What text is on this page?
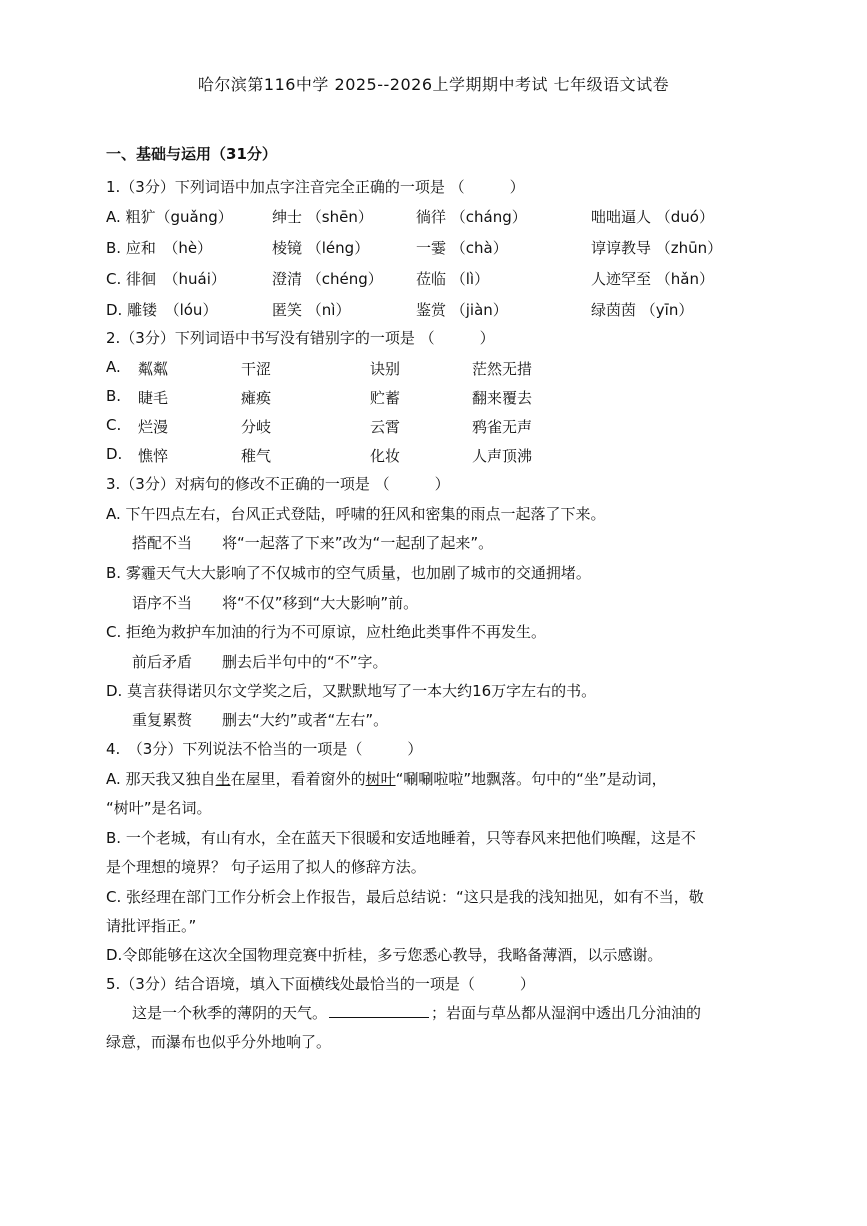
哈尔滨第116中学 2025--2026上学期期中考试 七年级语文试卷
一、基础与运用（31分）
1.（3分）下列词语中加点字注音完全正确的一项是 （　　　）
A. 粗犷（guǎng）	绅士 （shēn）	徜徉 （cháng）	咄咄逼人 （duó）
B. 应和　（hè）	棱镜 （léng）	一霎 （chà）	谆谆教导 （zhūn）
C. 徘徊　（huái）	澄清 （chéng） 莅临 （lì）	人迹罕至 （hǎn）
D. 雕镂　（lóu）	匿笑 （nì）	鉴赏 （jiàn）	绿茵茵 （yīn）
2.（3分）下列词语中书写没有错别字的一项是 （　　　）
A. 粼粼	干涩	诀别	茫然无措
B. 睫毛	瘫痪	贮蓄	翻来覆去
C. 烂漫	分岐	云霄	鸦雀无声
D. 憔悴	稚气	化妆	人声顶沸
3.（3分）对病句的修改不正确的一项是 （　　　）
A. 下午四点左右，台风正式登陆，呼啸的狂风和密集的雨点一起落了下来。
搭配不当　　将“一起落了下来”改为“一起刮了起来”。
B. 雾霾天气大大影响了不仅城市的空气质量，也加剧了城市的交通拥堵。
语序不当　　将“不仅”移到“大大影响”前。
C. 拒绝为救护车加油的行为不可原谅，应杜绝此类事件不再发生。
前后矛盾　　删去后半句中的“不”字。
D. 莫言获得诺贝尔文学奖之后，又默默地写了一本大约16万字左右的书。
重复累赘　　删去“大约”或者“左右”。
4.　（3分）下列说法不恰当的一项是（　　　）
A. 那天我又独自坐在屋里，看着窗外的树叶“唰唰啦啦”地飘落。句中的“坐”是动词，
“树叶”是名词。
B. 一个老城，有山有水，全在蓝天下很暖和安适地睡着，只等春风来把他们唤醒，这是不
是个理想的境界？ 句子运用了拟人的修辞方法。
C. 张经理在部门工作分析会上作报告，最后总结说：“这只是我的浅知拙见，如有不当，敬
请批评指正。”
D.令郎能够在这次全国物理竞赛中折桂，多亏您悉心教导，我略备薄酒，以示感谢。
5.（3分）结合语境，填入下面横线处最恰当的一项是（　　　）
这是一个秋季的薄阴的天气。	；岩面与草丛都从湿润中透出几分油油的
绿意，而瀑布也似乎分外地响了。
